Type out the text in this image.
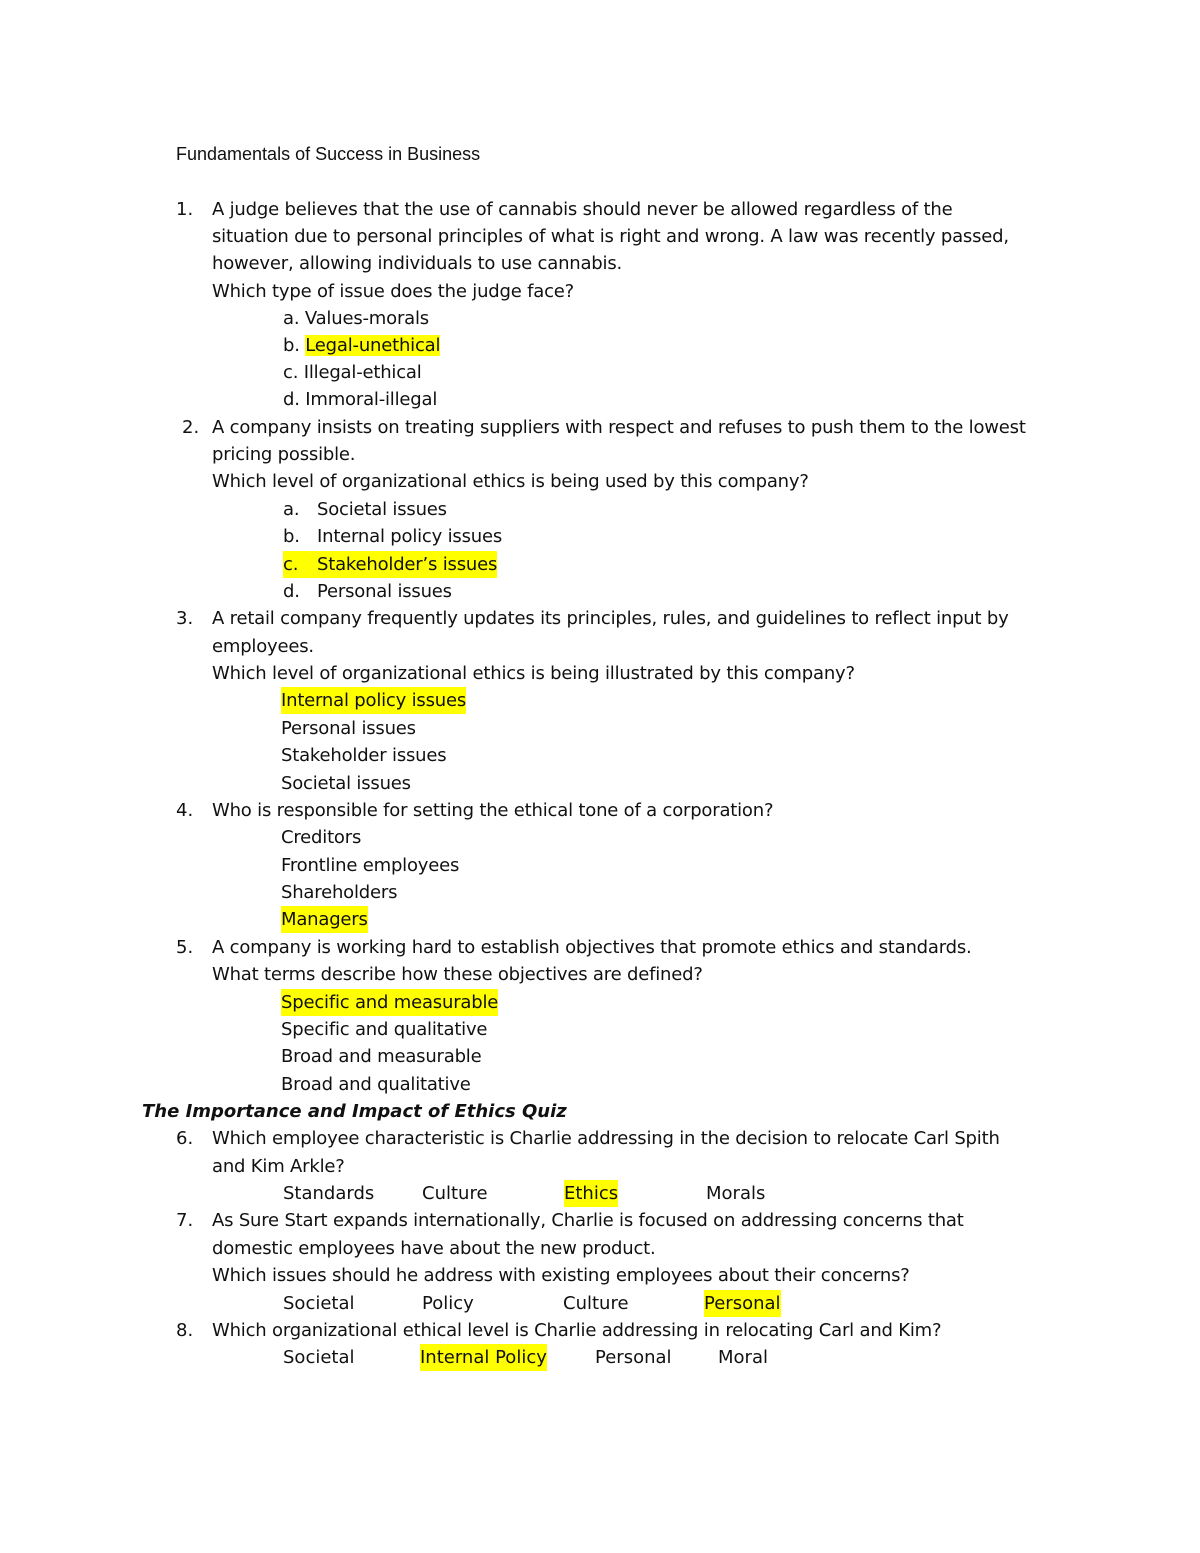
Fundamentals of Success in Business
1. A judge believes that the use of cannabis should never be allowed regardless of the
situation due to personal principles of what is right and wrong. A law was recently passed,
however, allowing individuals to use cannabis.
Which type of issue does the judge face?
a. Values-morals
b. Legal-unethical
c. Illegal-ethical
d. Immoral-illegal
2. A company insists on treating suppliers with respect and refuses to push them to the lowest
pricing possible.
Which level of organizational ethics is being used by this company?
a. Societal issues
b. Internal policy issues
c. Stakeholder’s issues
d. Personal issues
3. A retail company frequently updates its principles, rules, and guidelines to reflect input by
employees.
Which level of organizational ethics is being illustrated by this company?
Internal policy issues
Personal issues
Stakeholder issues
Societal issues
4. Who is responsible for setting the ethical tone of a corporation?
Creditors
Frontline employees
Shareholders
Managers
5. A company is working hard to establish objectives that promote ethics and standards.
What terms describe how these objectives are defined?
Specific and measurable
Specific and qualitative
Broad and measurable
Broad and qualitative
The Importance and Impact of Ethics Quiz
6. Which employee characteristic is Charlie addressing in the decision to relocate Carl Spith
and Kim Arkle?
Standards	Culture	Ethics	Morals
7. As Sure Start expands internationally, Charlie is focused on addressing concerns that
domestic employees have about the new product.
Which issues should he address with existing employees about their concerns?
Societal	Policy	Culture	Personal
8. Which organizational ethical level is Charlie addressing in relocating Carl and Kim?
Societal	Internal Policy	Personal	Moral
